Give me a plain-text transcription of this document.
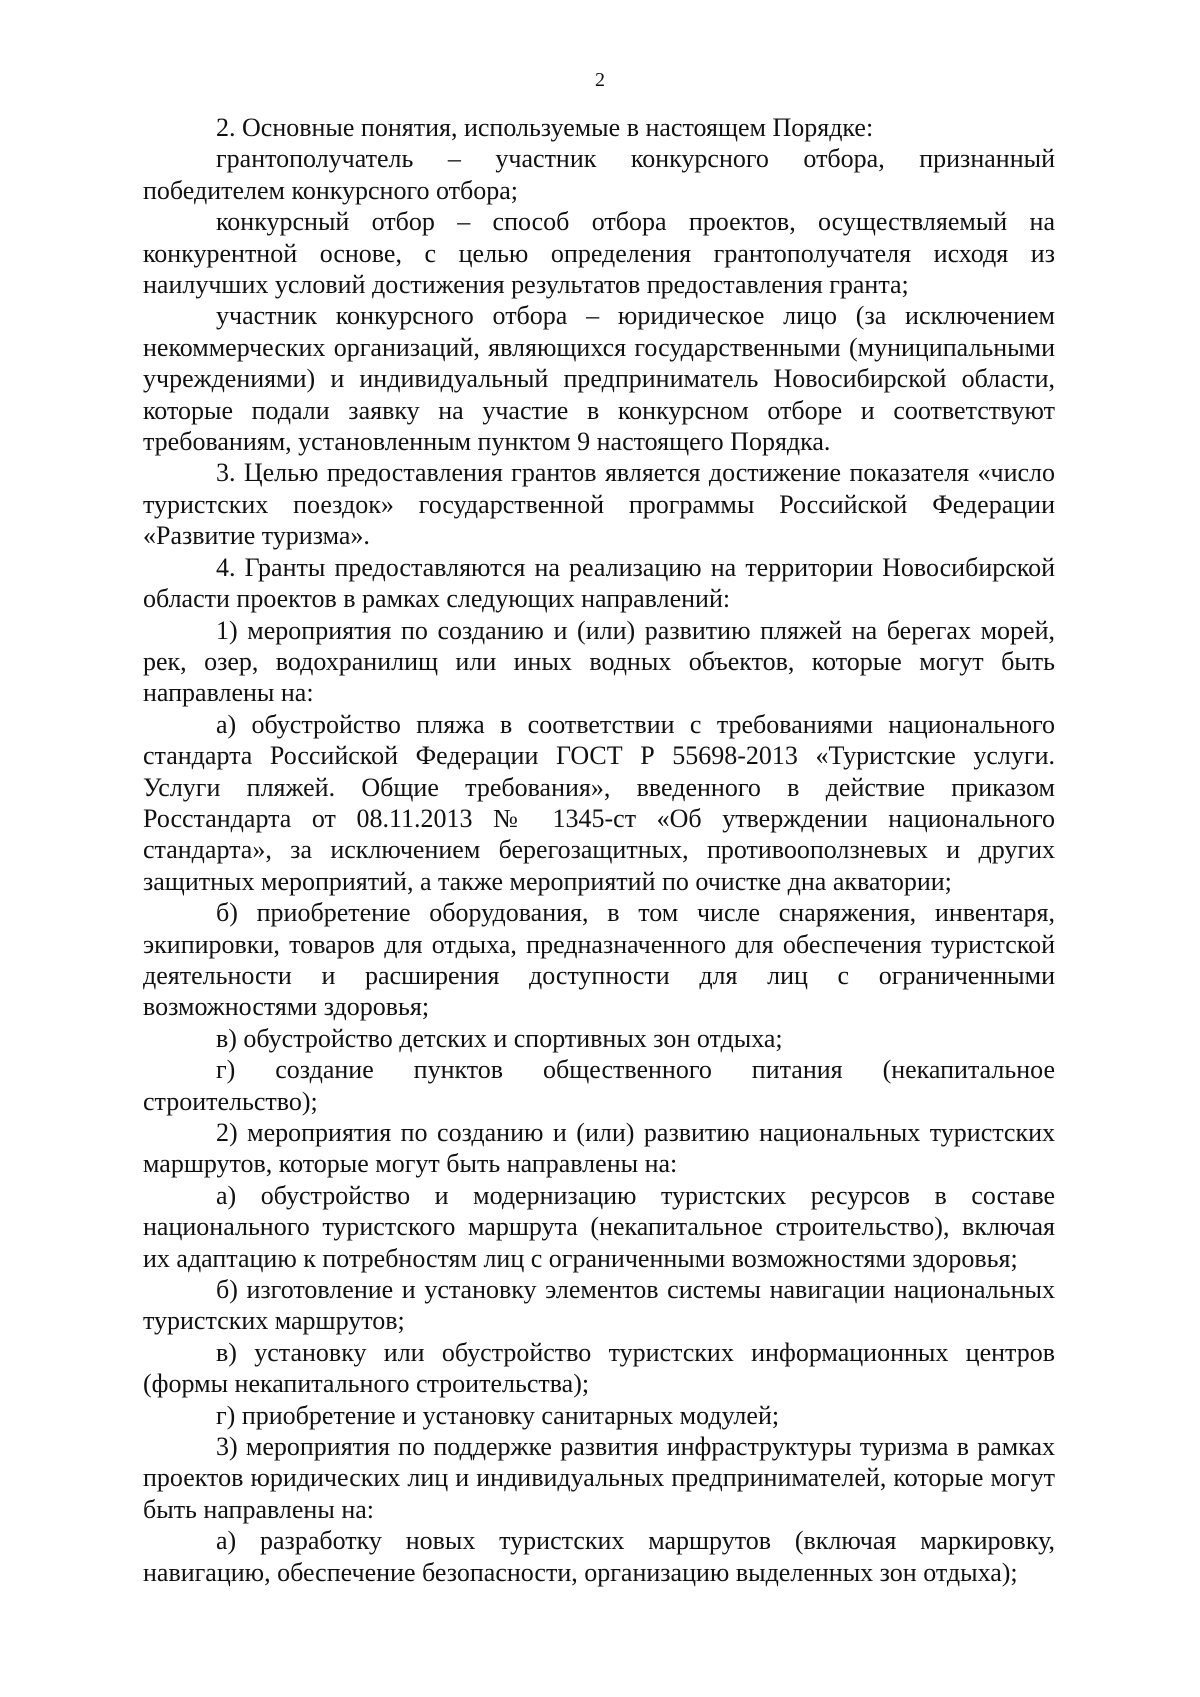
2

2. Основные понятия, используемые в настоящем Порядке:

грантополучатель – участник конкурсного отбора, признанный победителем конкурсного отбора;

конкурсный отбор – способ отбора проектов, осуществляемый на конкурентной основе, с целью определения грантополучателя исходя из наилучших условий достижения результатов предоставления гранта;

участник конкурсного отбора – юридическое лицо (за исключением некоммерческих организаций, являющихся государственными (муниципальными учреждениями) и индивидуальный предприниматель Новосибирской области, которые подали заявку на участие в конкурсном отборе и соответствуют требованиям, установленным пунктом 9 настоящего Порядка.

3. Целью предоставления грантов является достижение показателя «число туристских поездок» государственной программы Российской Федерации «Развитие туризма».

4. Гранты предоставляются на реализацию на территории Новосибирской области проектов в рамках следующих направлений:

1) мероприятия по созданию и (или) развитию пляжей на берегах морей, рек, озер, водохранилищ или иных водных объектов, которые могут быть направлены на:

а) обустройство пляжа в соответствии с требованиями национального стандарта Российской Федерации ГОСТ Р 55698-2013 «Туристские услуги. Услуги пляжей. Общие требования», введенного в действие приказом Росстандарта от 08.11.2013 № 1345-ст «Об утверждении национального стандарта», за исключением берегозащитных, противооползневых и других защитных мероприятий, а также мероприятий по очистке дна акватории;

б) приобретение оборудования, в том числе снаряжения, инвентаря, экипировки, товаров для отдыха, предназначенного для обеспечения туристской деятельности и расширения доступности для лиц с ограниченными возможностями здоровья;

в) обустройство детских и спортивных зон отдыха;

г) создание пунктов общественного питания (некапитальное строительство);

2) мероприятия по созданию и (или) развитию национальных туристских маршрутов, которые могут быть направлены на:

а) обустройство и модернизацию туристских ресурсов в составе национального туристского маршрута (некапитальное строительство), включая их адаптацию к потребностям лиц с ограниченными возможностями здоровья;

б) изготовление и установку элементов системы навигации национальных туристских маршрутов;

в) установку или обустройство туристских информационных центров (формы некапитального строительства);

г) приобретение и установку санитарных модулей;

3) мероприятия по поддержке развития инфраструктуры туризма в рамках проектов юридических лиц и индивидуальных предпринимателей, которые могут быть направлены на:

а) разработку новых туристских маршрутов (включая маркировку, навигацию, обеспечение безопасности, организацию выделенных зон отдыха);
